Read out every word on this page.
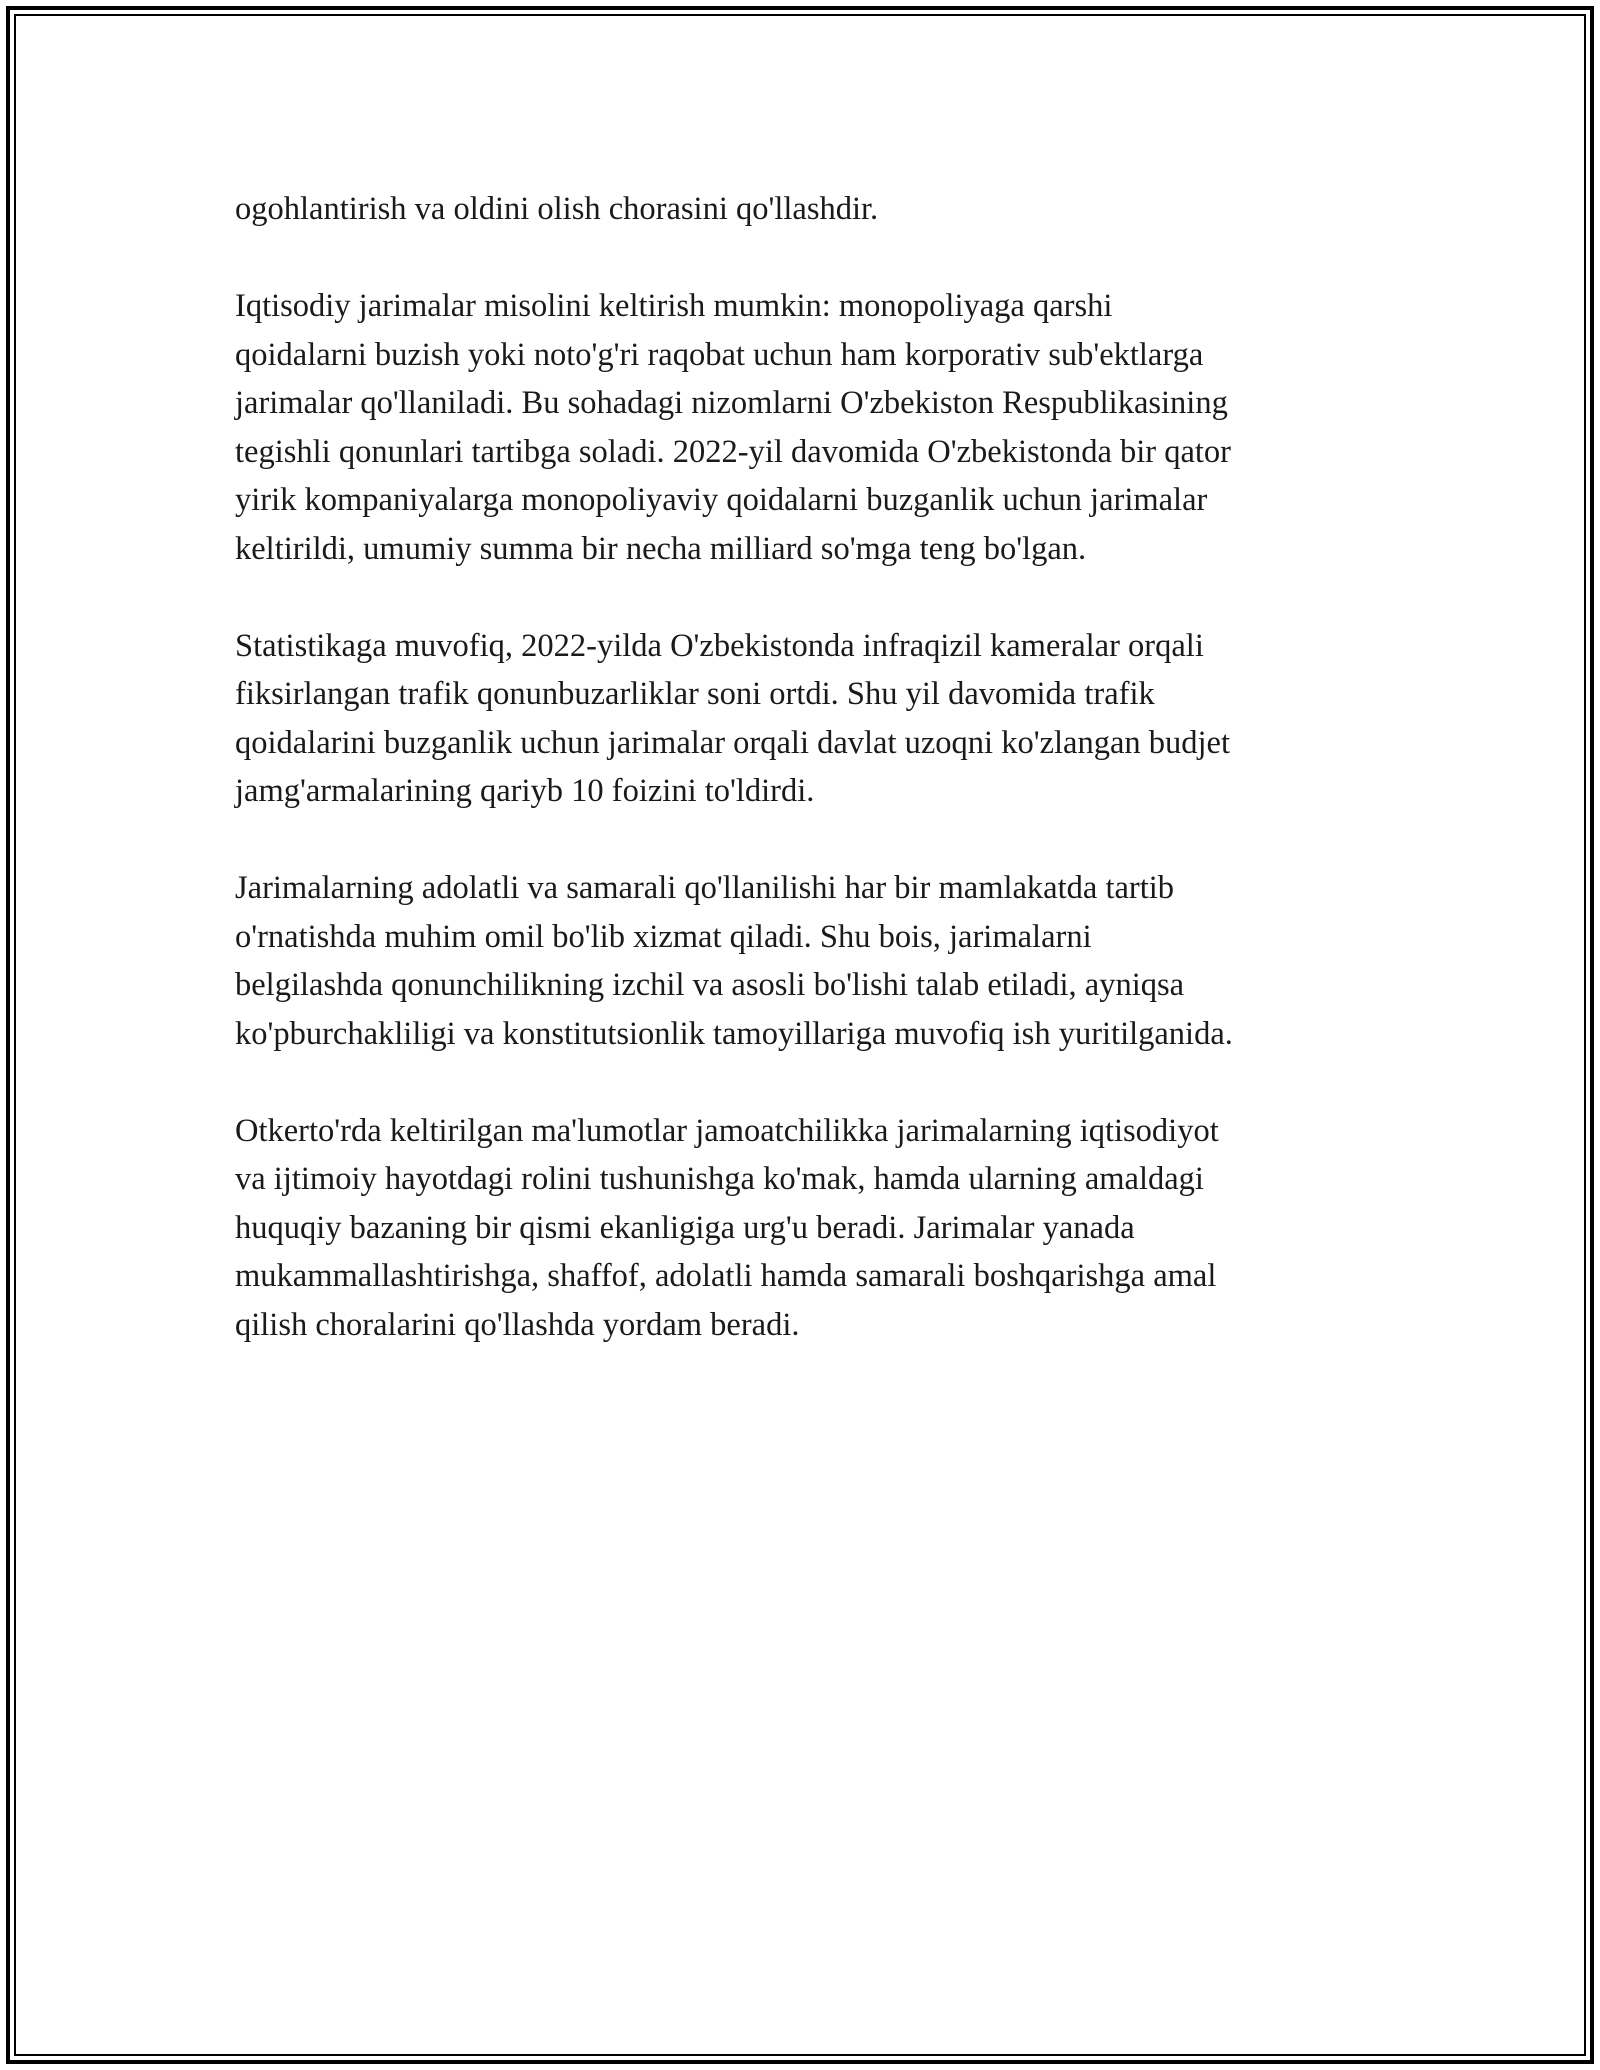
ogohlantirish va oldini olish chorasini qo'llashdir.

Iqtisodiy jarimalar misolini keltirish mumkin: monopoliyaga qarshi
qoidalarni buzish yoki noto'g'ri raqobat uchun ham korporativ sub'ektlarga
jarimalar qo'llaniladi. Bu sohadagi nizomlarni O'zbekiston Respublikasining
tegishli qonunlari tartibga soladi. 2022-yil davomida O'zbekistonda bir qator
yirik kompaniyalarga monopoliyaviy qoidalarni buzganlik uchun jarimalar
keltirildi, umumiy summa bir necha milliard so'mga teng bo'lgan.

Statistikaga muvofiq, 2022-yilda O'zbekistonda infraqizil kameralar orqali
fiksirlangan trafik qonunbuzarliklar soni ortdi. Shu yil davomida trafik
qoidalarini buzganlik uchun jarimalar orqali davlat uzoqni ko'zlangan budjet
jamg'armalarining qariyb 10 foizini to'ldirdi.

Jarimalarning adolatli va samarali qo'llanilishi har bir mamlakatda tartib
o'rnatishda muhim omil bo'lib xizmat qiladi. Shu bois, jarimalarni
belgilashda qonunchilikning izchil va asosli bo'lishi talab etiladi, ayniqsa
ko'pburchakliligi va konstitutsionlik tamoyillariga muvofiq ish yuritilganida.

Otkerto'rda keltirilgan ma'lumotlar jamoatchilikka jarimalarning iqtisodiyot
va ijtimoiy hayotdagi rolini tushunishga ko'mak, hamda ularning amaldagi
huquqiy bazaning bir qismi ekanligiga urg'u beradi. Jarimalar yanada
mukammallashtirishga, shaffof, adolatli hamda samarali boshqarishga amal
qilish choralarini qo'llashda yordam beradi.
